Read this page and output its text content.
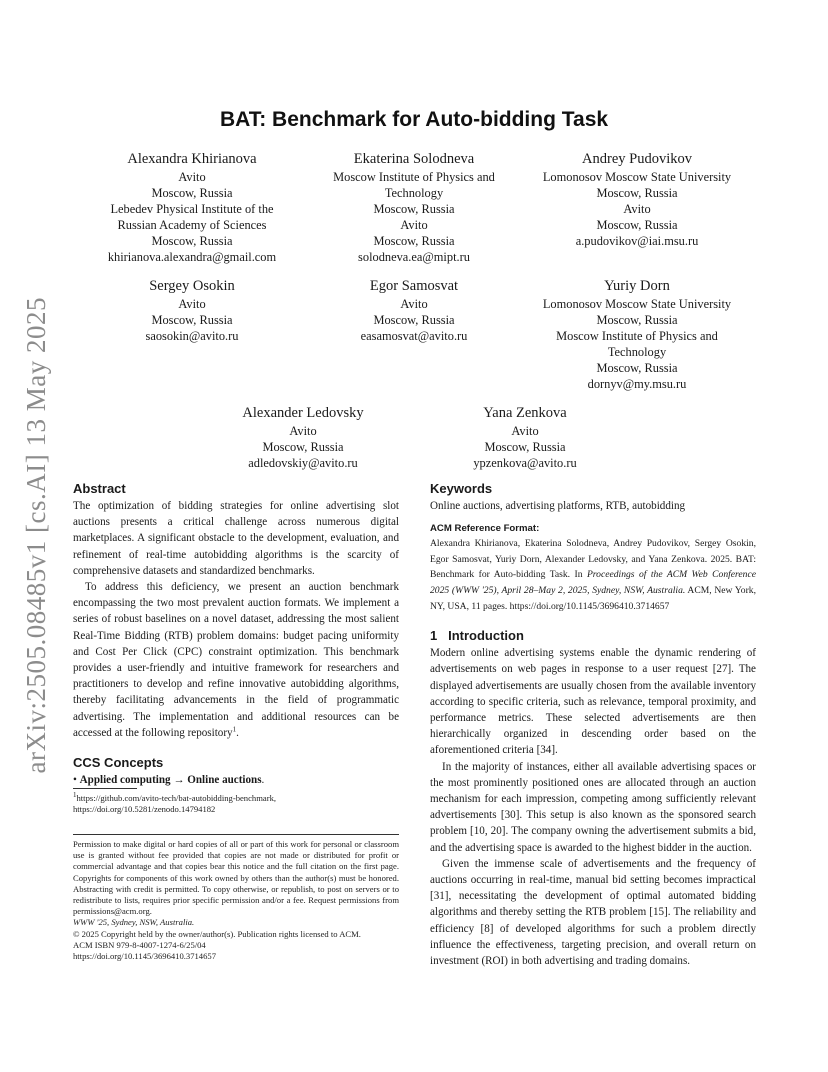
arXiv:2505.08485v1 [cs.AI] 13 May 2025
BAT: Benchmark for Auto-bidding Task
Alexandra Khirianova
Avito
Moscow, Russia
Lebedev Physical Institute of the
Russian Academy of Sciences
Moscow, Russia
khirianova.alexandra@gmail.com
Ekaterina Solodneva
Moscow Institute of Physics and
Technology
Moscow, Russia
Avito
Moscow, Russia
solodneva.ea@mipt.ru
Andrey Pudovikov
Lomonosov Moscow State University
Moscow, Russia
Avito
Moscow, Russia
a.pudovikov@iai.msu.ru
Sergey Osokin
Avito
Moscow, Russia
saosokin@avito.ru
Egor Samosvat
Avito
Moscow, Russia
easamosvat@avito.ru
Yuriy Dorn
Lomonosov Moscow State University
Moscow, Russia
Moscow Institute of Physics and
Technology
Moscow, Russia
dornyv@my.msu.ru
Alexander Ledovsky
Avito
Moscow, Russia
adledovskiy@avito.ru
Yana Zenkova
Avito
Moscow, Russia
ypzenkova@avito.ru
Abstract

The optimization of bidding strategies for online advertising slot auctions presents a critical challenge across numerous digital marketplaces. A significant obstacle to the development, evaluation, and refinement of real-time autobidding algorithms is the scarcity of comprehensive datasets and standardized benchmarks.

To address this deficiency, we present an auction benchmark encompassing the two most prevalent auction formats. We implement a series of robust baselines on a novel dataset, addressing the most salient Real-Time Bidding (RTB) problem domains: budget pacing uniformity and Cost Per Click (CPC) constraint optimization. This benchmark provides a user-friendly and intuitive framework for researchers and practitioners to develop and refine innovative autobidding algorithms, thereby facilitating advancements in the field of programmatic advertising. The implementation and additional resources can be accessed at the following repository$^1$.

CCS Concepts

• Applied computing → Online auctions.

$^1$https://github.com/avito-tech/bat-autobidding-benchmark, https://doi.org/10.5281/zenodo.14794182
Permission to make digital or hard copies of all or part of this work for personal or classroom use is granted without fee provided that copies are not made or distributed for profit or commercial advantage and that copies bear this notice and the full citation on the first page. Copyrights for components of this work owned by others than the author(s) must be honored. Abstracting with credit is permitted. To copy otherwise, or republish, to post on servers or to redistribute to lists, requires prior specific permission and/or a fee. Request permissions from permissions@acm.org.
WWW '25, Sydney, NSW, Australia.
© 2025 Copyright held by the owner/author(s). Publication rights licensed to ACM.
ACM ISBN 979-8-4007-1274-6/25/04
https://doi.org/10.1145/3696410.3714657
Keywords

Online auctions, advertising platforms, RTB, autobidding

ACM Reference Format:
Alexandra Khirianova, Ekaterina Solodneva, Andrey Pudovikov, Sergey Osokin, Egor Samosvat, Yuriy Dorn, Alexander Ledovsky, and Yana Zenkova. 2025. BAT: Benchmark for Auto-bidding Task. In Proceedings of the ACM Web Conference 2025 (WWW '25), April 28–May 2, 2025, Sydney, NSW, Australia. ACM, New York, NY, USA, 11 pages. https://doi.org/10.1145/3696410.3714657
1 Introduction

Modern online advertising systems enable the dynamic rendering of advertisements on web pages in response to a user request [27]. The displayed advertisements are usually chosen from the available inventory according to specific criteria, such as relevance, temporal proximity, and performance metrics. These selected advertisements are then hierarchically organized in descending order based on the aforementioned criteria [34].

In the majority of instances, either all available advertising spaces or the most prominently positioned ones are allocated through an auction mechanism for each impression, competing among sufficiently relevant advertisements [30]. This setup is also known as the sponsored search problem [10, 20]. The company owning the advertisement submits a bid, and the advertising space is awarded to the highest bidder in the auction.

Given the immense scale of advertisements and the frequency of auctions occurring in real-time, manual bid setting becomes impractical [31], necessitating the development of optimal automated bidding algorithms and thereby setting the RTB problem [15]. The reliability and efficiency [8] of developed algorithms for such a problem directly influence the effectiveness, targeting precision, and overall return on investment (ROI) in both advertising and trading domains.
